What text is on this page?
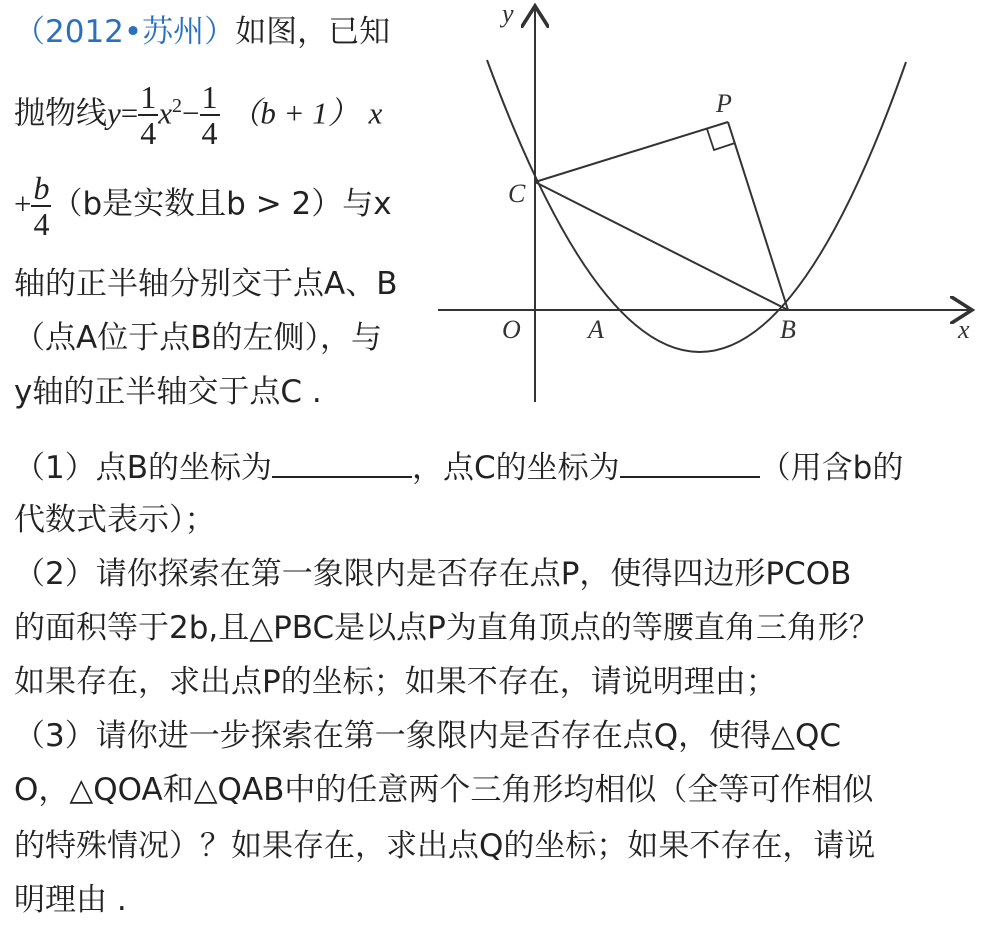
（2012•苏州）如图，已知
抛物线$y= \frac{1}{4} x^2- \frac{1}{4} (b + 1)$ x
+ $\frac{b}{4} (b$是实数且b > 2）与x
轴的正半轴分别交于点A、B
（点A位于点B的左侧），与
y轴的正半轴交于点C .
y
x
O	A	B
C
P
（1）点B的坐标为	，点C的坐标为	（用含b的
代数式表示）；
（2）请你探索在第一象限内是否存在点P，使得四边形PCOB
的面积等于2b,且△PBC是以点P为直角顶点的等腰直角三角形？
如果存在，求出点P的坐标；如果不存在，请说明理由；
（3）请你进一步探索在第一象限内是否存在点Q，使得△QC
O，△QOA和△QAB中的任意两个三角形均相似（全等可作相似
的特殊情况）？如果存在，求出点Q的坐标；如果不存在，请说
明理由 .
